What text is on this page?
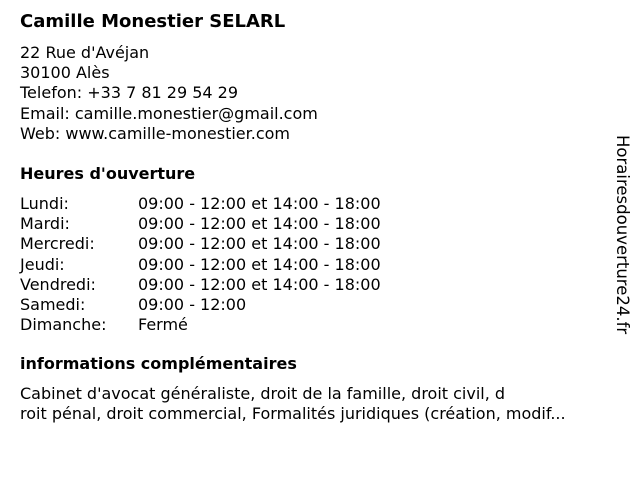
Camille Monestier SELARL
22 Rue d'Avéjan
30100 Alès
Telefon: +33 7 81 29 54 29
Email: camille.monestier@gmail.com
Web: www.camille-monestier.com
Heures d'ouverture
Lundi:	09:00 - 12:00 et 14:00 - 18:00
Mardi:	09:00 - 12:00 et 14:00 - 18:00
Mercredi:	09:00 - 12:00 et 14:00 - 18:00
Jeudi:	09:00 - 12:00 et 14:00 - 18:00
Vendredi:	09:00 - 12:00 et 14:00 - 18:00
Samedi:	09:00 - 12:00
Dimanche: Fermé
informations complémentaires
Cabinet d'avocat généraliste, droit de la famille, droit civil, d
roit pénal, droit commercial, Formalités juridiques (création, modif...
Horairesdouverture24.fr
